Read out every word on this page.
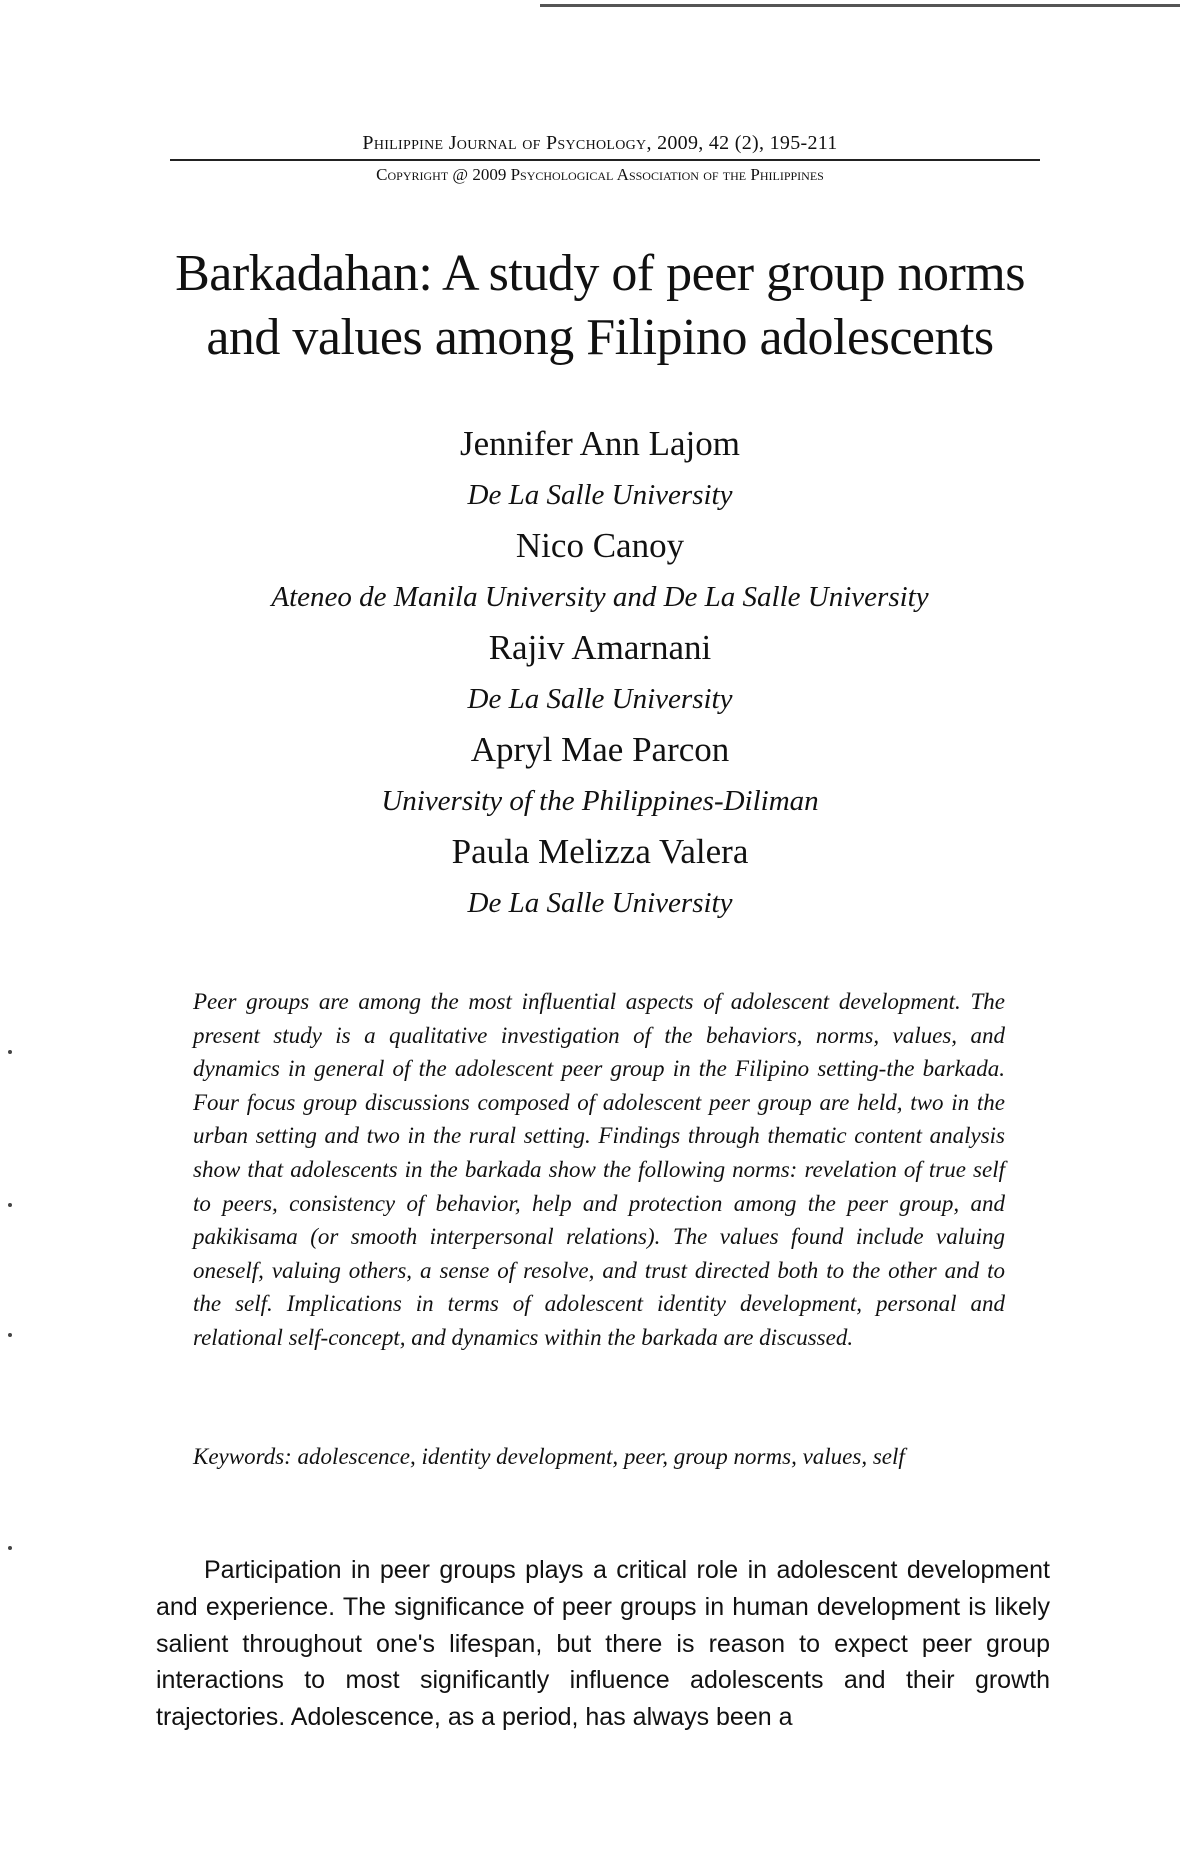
Philippine Journal of Psychology, 2009, 42 (2), 195-211
Copyright @ 2009 Psychological Association of the Philippines
Barkadahan: A study of peer group norms
and values among Filipino adolescents
Jennifer Ann Lajom
De La Salle University
Nico Canoy
Ateneo de Manila University and De La Salle University
Rajiv Amarnani
De La Salle University
Apryl Mae Parcon
University of the Philippines-Diliman
Paula Melizza Valera
De La Salle University
Peer groups are among the most influential aspects of adolescent development. The present study is a qualitative investigation of the behaviors, norms, values, and dynamics in general of the adolescent peer group in the Filipino setting-the barkada. Four focus group discussions composed of adolescent peer group are held, two in the urban setting and two in the rural setting. Findings through thematic content analysis show that adolescents in the barkada show the following norms: revelation of true self to peers, consistency of behavior, help and protection among the peer group, and pakikisama (or smooth interpersonal relations). The values found include valuing oneself, valuing others, a sense of resolve, and trust directed both to the other and to the self. Implications in terms of adolescent identity development, personal and relational self-concept, and dynamics within the barkada are discussed.
Keywords: adolescence, identity development, peer, group norms, values, self
Participation in peer groups plays a critical role in adolescent development and experience. The significance of peer groups in human development is likely salient throughout one's lifespan, but there is reason to expect peer group interactions to most significantly influence adolescents and their growth trajectories. Adolescence, as a period, has always been a
